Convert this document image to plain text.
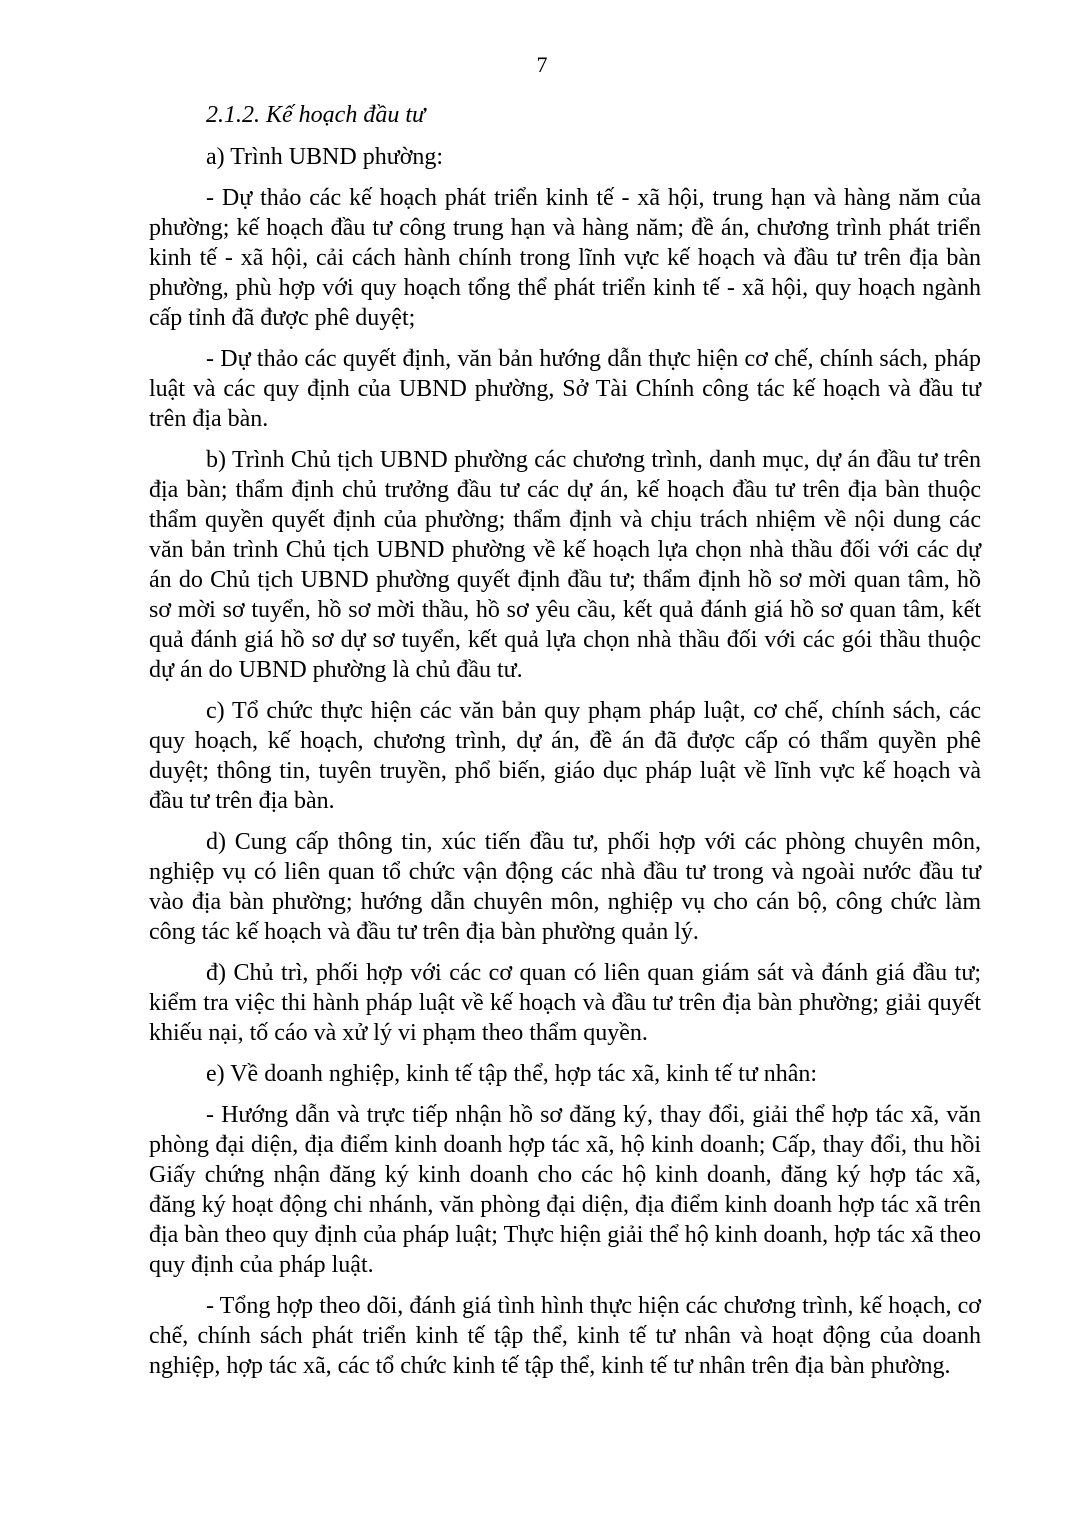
7

2.1.2. Kế hoạch đầu tư

a) Trình UBND phường:

- Dự thảo các kế hoạch phát triển kinh tế - xã hội, trung hạn và hàng năm của phường; kế hoạch đầu tư công trung hạn và hàng năm; đề án, chương trình phát triển kinh tế - xã hội, cải cách hành chính trong lĩnh vực kế hoạch và đầu tư trên địa bàn phường, phù hợp với quy hoạch tổng thể phát triển kinh tế - xã hội, quy hoạch ngành cấp tỉnh đã được phê duyệt;

- Dự thảo các quyết định, văn bản hướng dẫn thực hiện cơ chế, chính sách, pháp luật và các quy định của UBND phường, Sở Tài Chính công tác kế hoạch và đầu tư trên địa bàn.

b) Trình Chủ tịch UBND phường các chương trình, danh mục, dự án đầu tư trên địa bàn; thẩm định chủ trưởng đầu tư các dự án, kế hoạch đầu tư trên địa bàn thuộc thẩm quyền quyết định của phường; thẩm định và chịu trách nhiệm về nội dung các văn bản trình Chủ tịch UBND phường về kế hoạch lựa chọn nhà thầu đối với các dự án do Chủ tịch UBND phường quyết định đầu tư; thẩm định hồ sơ mời quan tâm, hồ sơ mời sơ tuyển, hồ sơ mời thầu, hồ sơ yêu cầu, kết quả đánh giá hồ sơ quan tâm, kết quả đánh giá hồ sơ dự sơ tuyển, kết quả lựa chọn nhà thầu đối với các gói thầu thuộc dự án do UBND phường là chủ đầu tư.

c) Tổ chức thực hiện các văn bản quy phạm pháp luật, cơ chế, chính sách, các quy hoạch, kế hoạch, chương trình, dự án, đề án đã được cấp có thẩm quyền phê duyệt; thông tin, tuyên truyền, phổ biến, giáo dục pháp luật về lĩnh vực kế hoạch và đầu tư trên địa bàn.

d) Cung cấp thông tin, xúc tiến đầu tư, phối hợp với các phòng chuyên môn, nghiệp vụ có liên quan tổ chức vận động các nhà đầu tư trong và ngoài nước đầu tư vào địa bàn phường; hướng dẫn chuyên môn, nghiệp vụ cho cán bộ, công chức làm công tác kế hoạch và đầu tư trên địa bàn phường quản lý.

đ) Chủ trì, phối hợp với các cơ quan có liên quan giám sát và đánh giá đầu tư; kiểm tra việc thi hành pháp luật về kế hoạch và đầu tư trên địa bàn phường; giải quyết khiếu nại, tố cáo và xử lý vi phạm theo thẩm quyền.

e) Về doanh nghiệp, kinh tế tập thể, hợp tác xã, kinh tế tư nhân:

- Hướng dẫn và trực tiếp nhận hồ sơ đăng ký, thay đổi, giải thể hợp tác xã, văn phòng đại diện, địa điểm kinh doanh hợp tác xã, hộ kinh doanh; Cấp, thay đổi, thu hồi Giấy chứng nhận đăng ký kinh doanh cho các hộ kinh doanh, đăng ký hợp tác xã, đăng ký hoạt động chi nhánh, văn phòng đại diện, địa điểm kinh doanh hợp tác xã trên địa bàn theo quy định của pháp luật; Thực hiện giải thể hộ kinh doanh, hợp tác xã theo quy định của pháp luật.

- Tổng hợp theo dõi, đánh giá tình hình thực hiện các chương trình, kế hoạch, cơ chế, chính sách phát triển kinh tế tập thể, kinh tế tư nhân và hoạt động của doanh nghiệp, hợp tác xã, các tổ chức kinh tế tập thể, kinh tế tư nhân trên địa bàn phường.
